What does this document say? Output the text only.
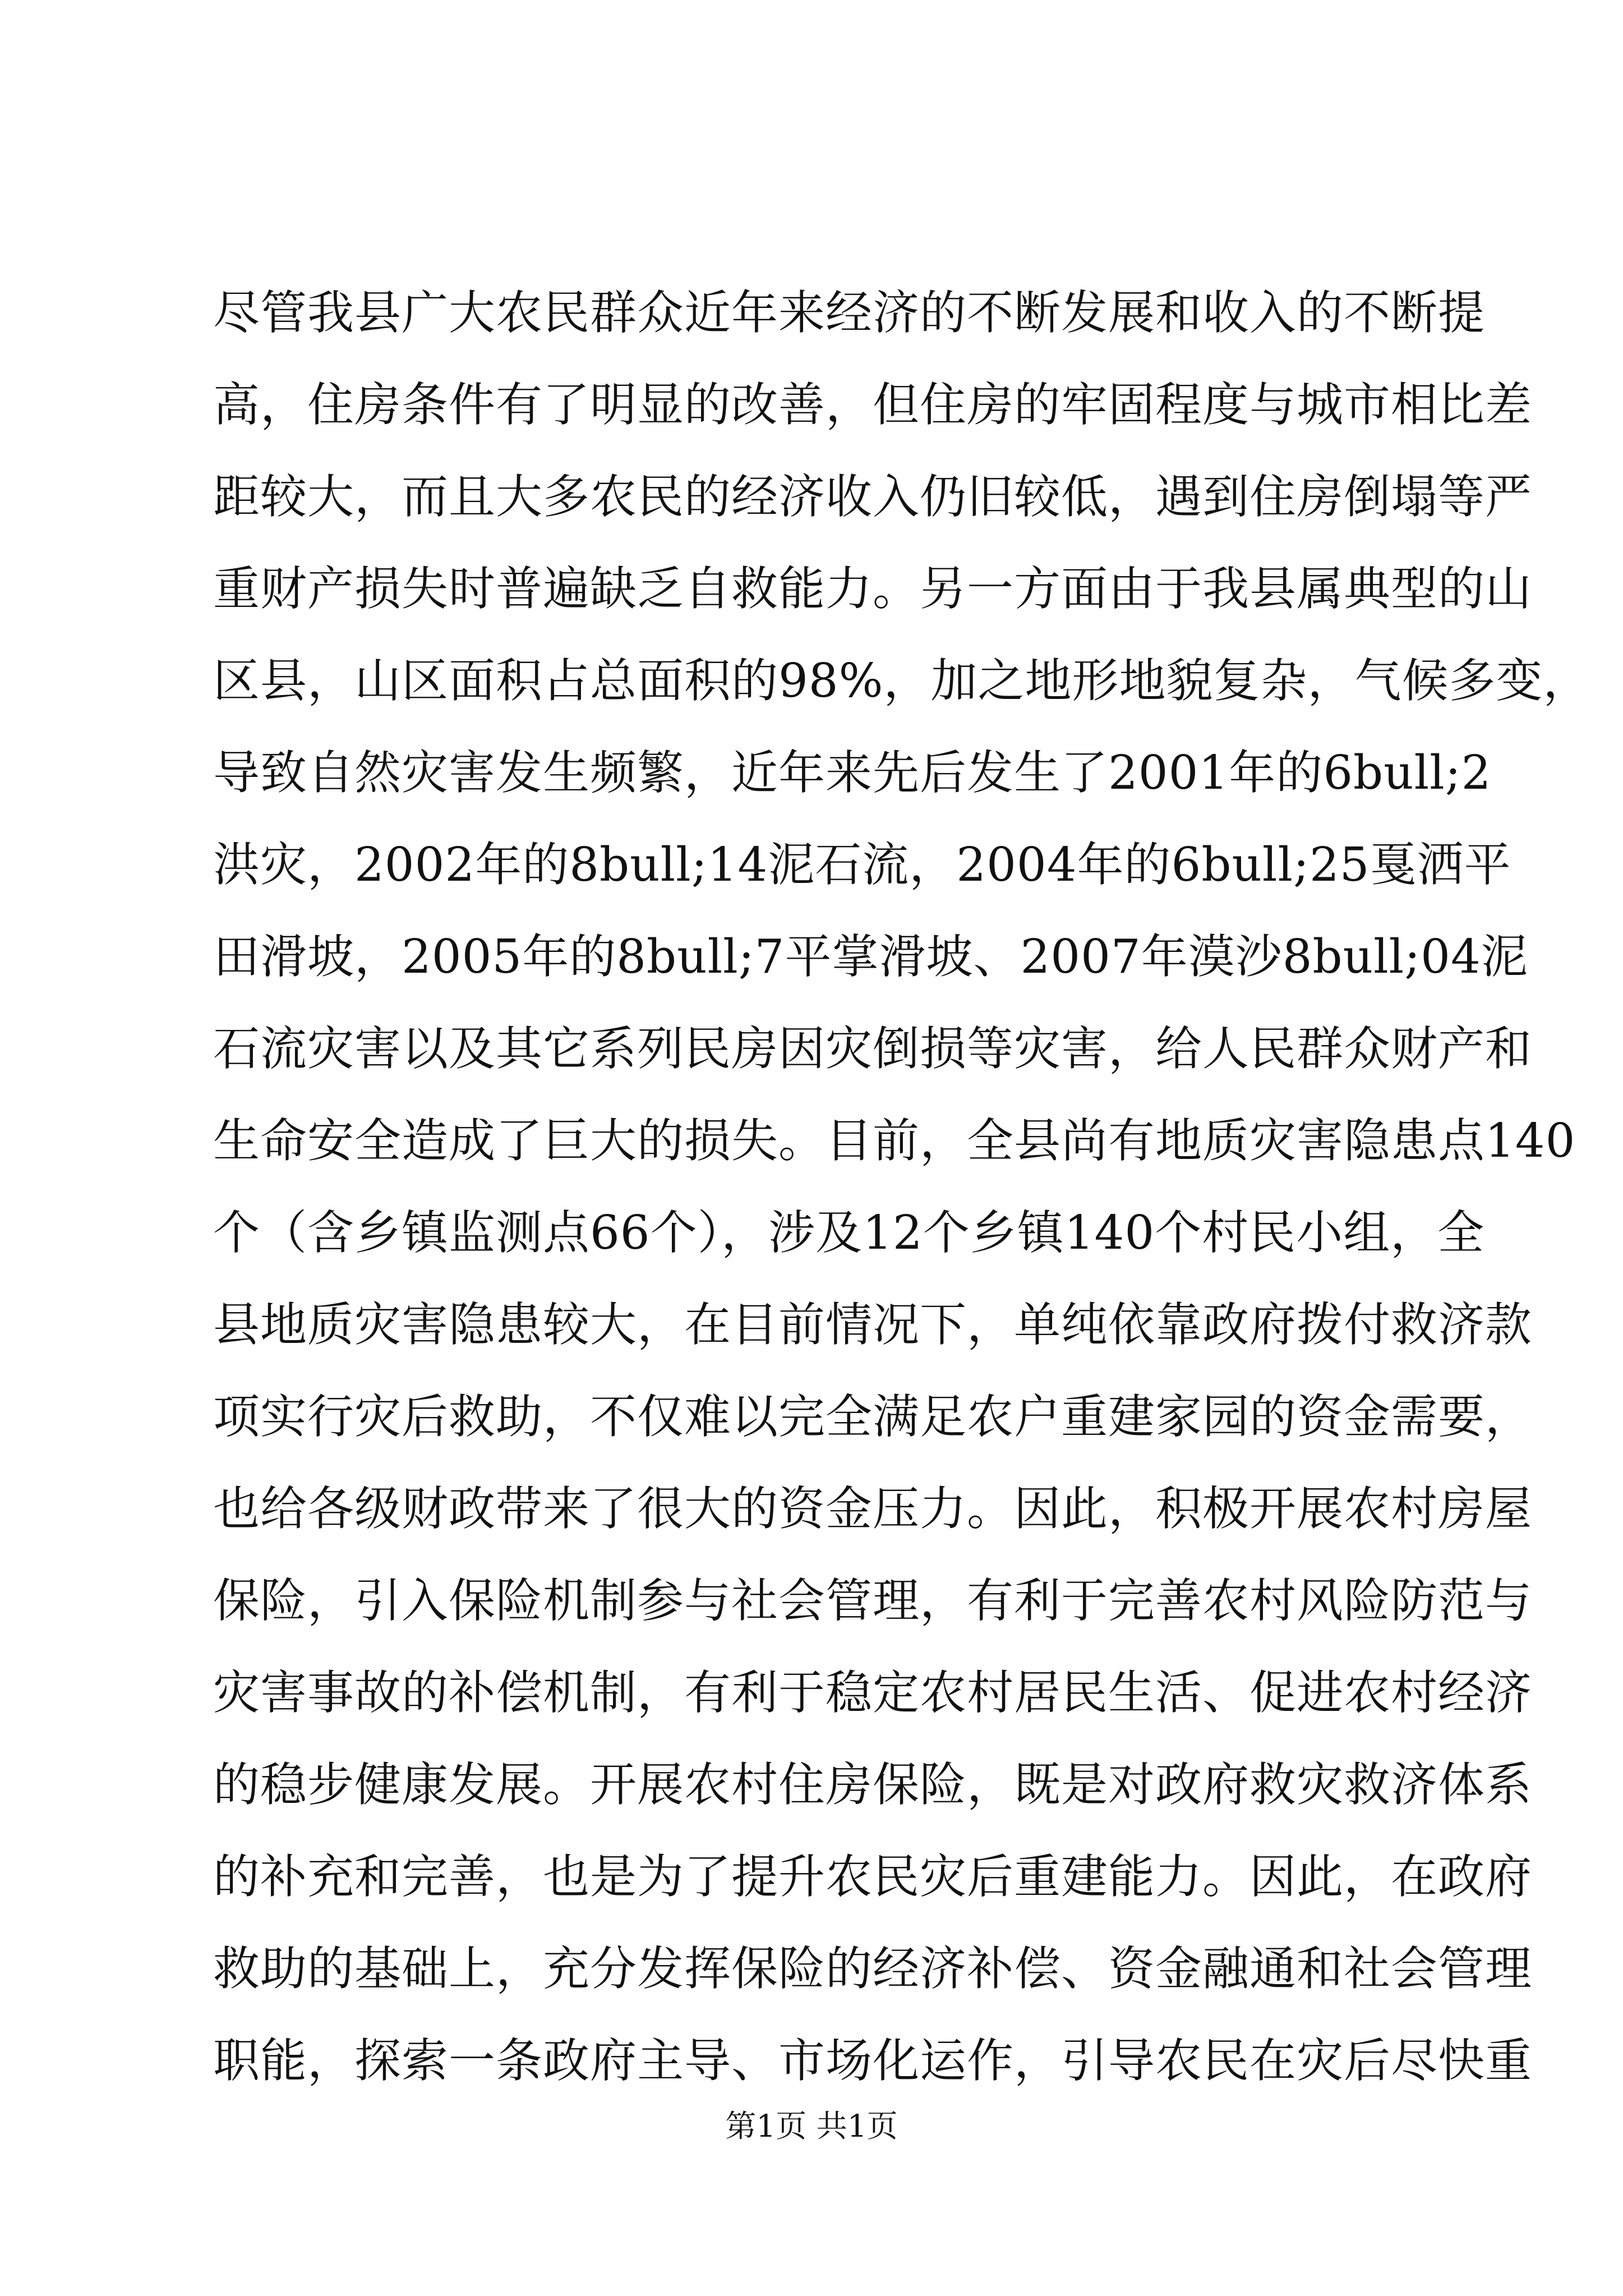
尽管我县广大农民群众近年来经济的不断发展和收入的不断提
高，住房条件有了明显的改善，但住房的牢固程度与城市相比差
距较大，而且大多农民的经济收入仍旧较低，遇到住房倒塌等严
重财产损失时普遍缺乏自救能力。另一方面由于我县属典型的山
区县，山区面积占总面积的98%，加之地形地貌复杂，气候多变，
导致自然灾害发生频繁，近年来先后发生了2001年的6bull;2
洪灾，2002年的8bull;14泥石流，2004年的6bull;25戛洒平
田滑坡，2005年的8bull;7平掌滑坡、2007年漠沙8bull;04泥
石流灾害以及其它系列民房因灾倒损等灾害，给人民群众财产和
生命安全造成了巨大的损失。目前，全县尚有地质灾害隐患点140
个（含乡镇监测点66个），涉及12个乡镇140个村民小组，全
县地质灾害隐患较大，在目前情况下，单纯依靠政府拨付救济款
项实行灾后救助，不仅难以完全满足农户重建家园的资金需要，
也给各级财政带来了很大的资金压力。因此，积极开展农村房屋
保险，引入保险机制参与社会管理，有利于完善农村风险防范与
灾害事故的补偿机制，有利于稳定农村居民生活、促进农村经济
的稳步健康发展。开展农村住房保险，既是对政府救灾救济体系
的补充和完善，也是为了提升农民灾后重建能力。因此，在政府
救助的基础上，充分发挥保险的经济补偿、资金融通和社会管理
职能，探索一条政府主导、市场化运作，引导农民在灾后尽快重
第1页 共1页
